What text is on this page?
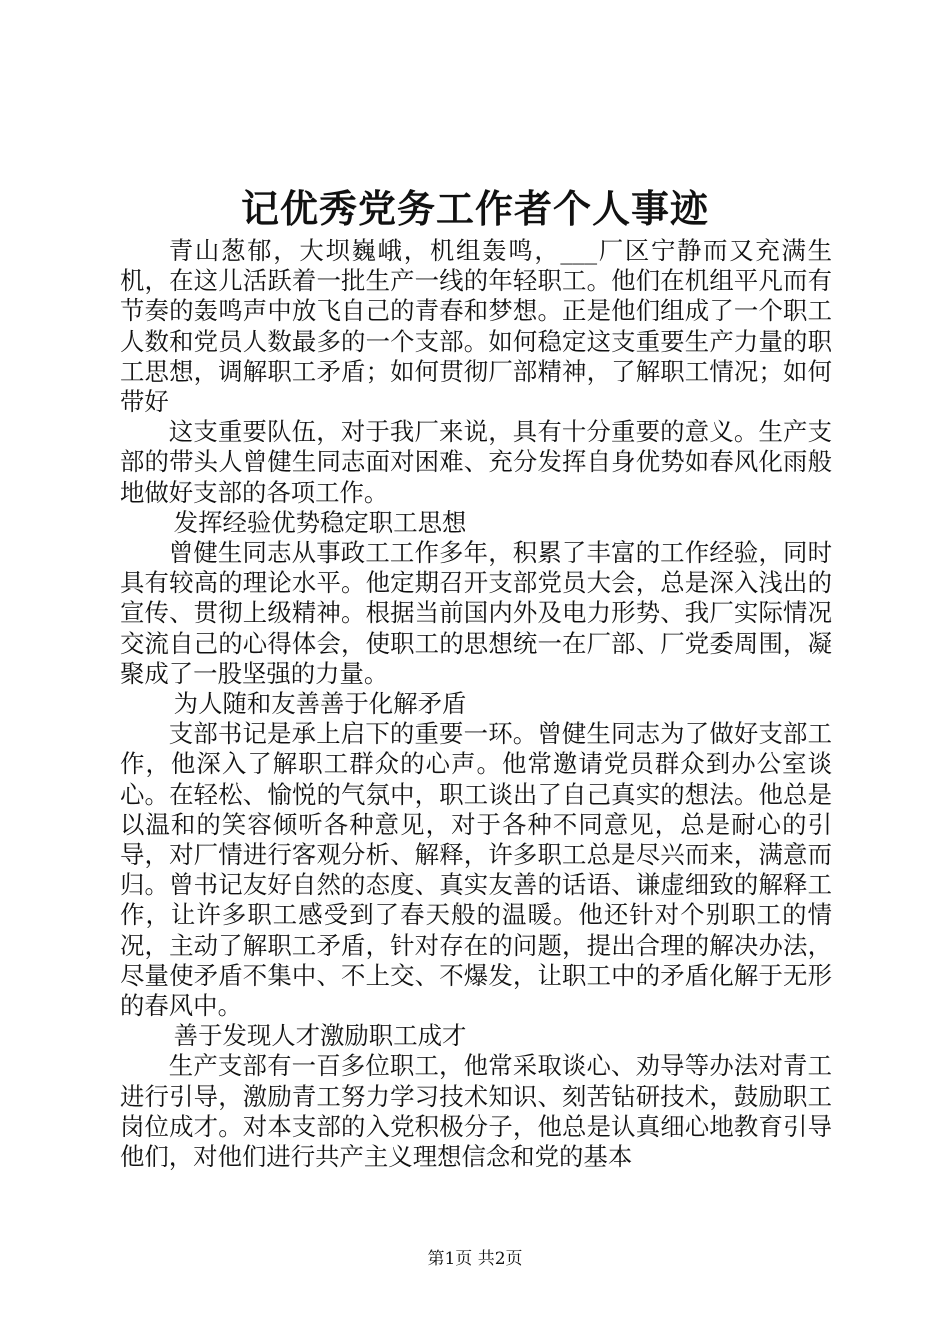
记优秀党务工作者个人事迹

青山葱郁，大坝巍峨，机组轰鸣，___厂区宁静而又充满生机，在这儿活跃着一批生产一线的年轻职工。他们在机组平凡而有节奏的轰鸣声中放飞自己的青春和梦想。正是他们组成了一个职工人数和党员人数最多的一个支部。如何稳定这支重要生产力量的职工思想，调解职工矛盾；如何贯彻厂部精神，了解职工情况；如何带好

这支重要队伍，对于我厂来说，具有十分重要的意义。生产支部的带头人曾健生同志面对困难、充分发挥自身优势如春风化雨般地做好支部的各项工作。

发挥经验优势稳定职工思想

曾健生同志从事政工工作多年，积累了丰富的工作经验，同时具有较高的理论水平。他定期召开支部党员大会，总是深入浅出的宣传、贯彻上级精神。根据当前国内外及电力形势、我厂实际情况交流自己的心得体会，使职工的思想统一在厂部、厂党委周围，凝聚成了一股坚强的力量。

为人随和友善善于化解矛盾

支部书记是承上启下的重要一环。曾健生同志为了做好支部工作，他深入了解职工群众的心声。他常邀请党员群众到办公室谈心。在轻松、愉悦的气氛中，职工谈出了自己真实的想法。他总是以温和的笑容倾听各种意见，对于各种不同意见，总是耐心的引导，对厂情进行客观分析、解释，许多职工总是尽兴而来，满意而归。曾书记友好自然的态度、真实友善的话语、谦虚细致的解释工作，让许多职工感受到了春天般的温暖。他还针对个别职工的情况，主动了解职工矛盾，针对存在的问题，提出合理的解决办法，尽量使矛盾不集中、不上交、不爆发，让职工中的矛盾化解于无形的春风中。

善于发现人才激励职工成才

生产支部有一百多位职工，他常采取谈心、劝导等办法对青工进行引导，激励青工努力学习技术知识、刻苦钻研技术，鼓励职工岗位成才。对本支部的入党积极分子，他总是认真细心地教育引导他们，对他们进行共产主义理想信念和党的基本

第1页 共2页
